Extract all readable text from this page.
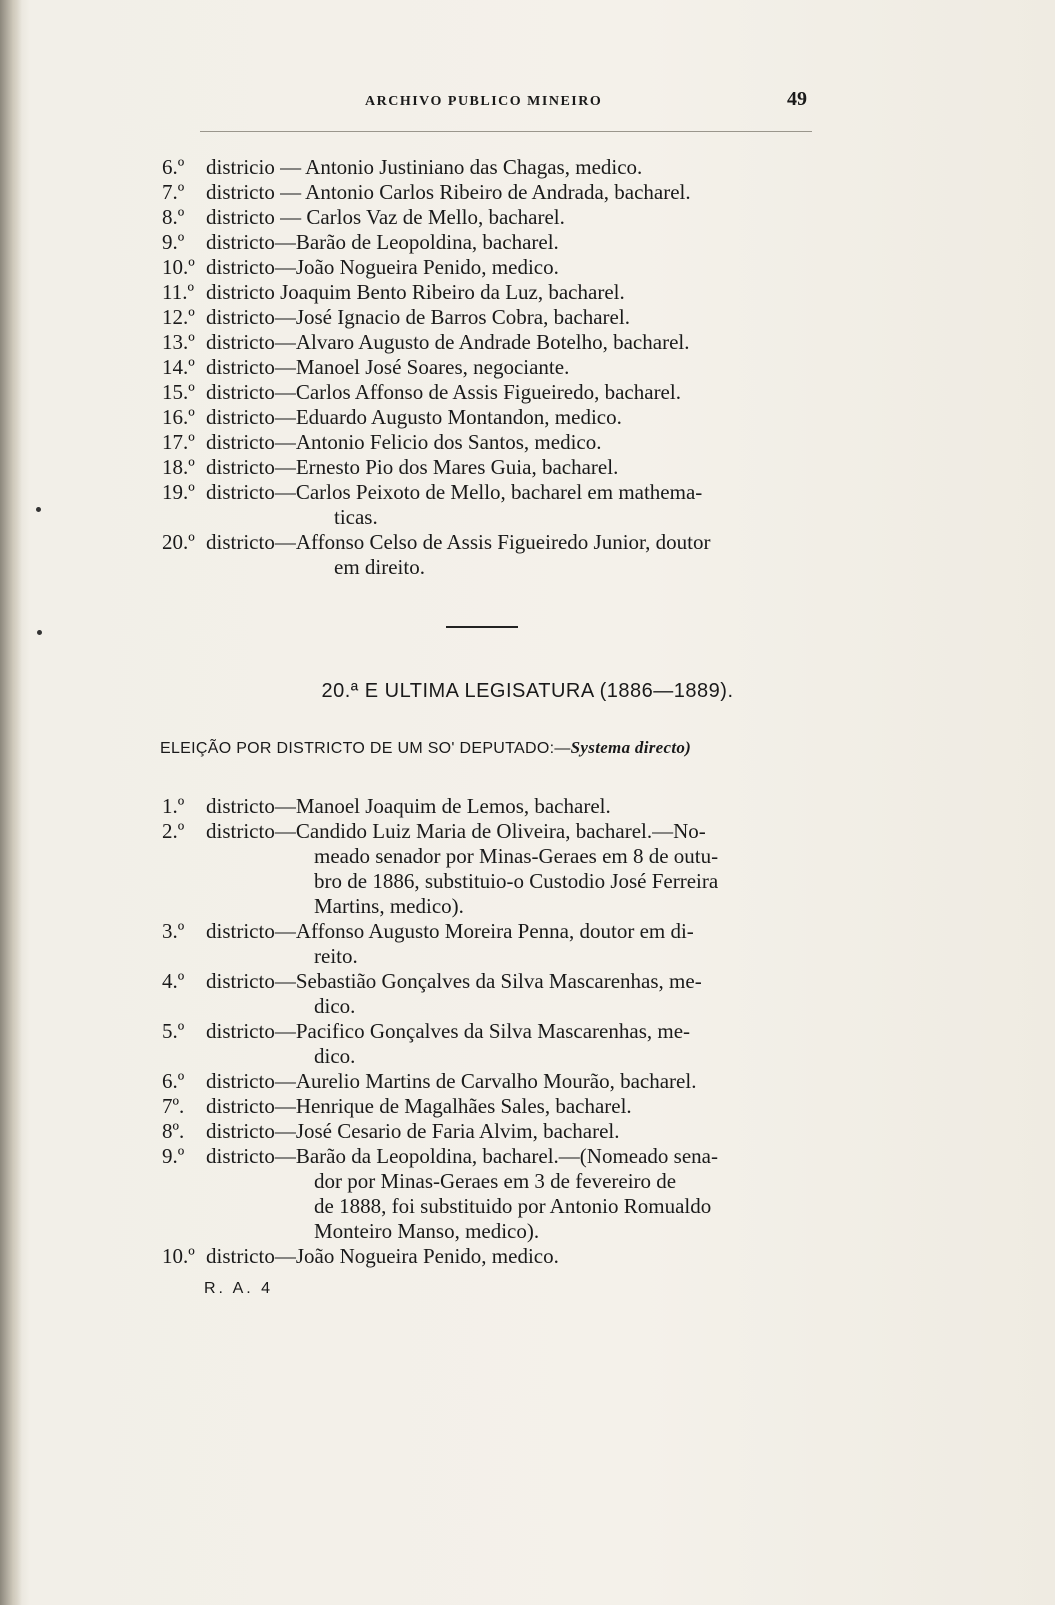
ARCHIVO PUBLICO MINEIRO	49
6.º	districio — Antonio Justiniano das Chagas, medico.
7.º	districto — Antonio Carlos Ribeiro de Andrada, bacharel.
8.º	districto — Carlos Vaz de Mello, bacharel.
9.º	districto—Barão de Leopoldina, bacharel.
10.º districto—João Nogueira Penido, medico.
11.º districto Joaquim Bento Ribeiro da Luz, bacharel.
12.º districto—José Ignacio de Barros Cobra, bacharel.
13.º districto—Alvaro Augusto de Andrade Botelho, bacharel.
14.º districto—Manoel José Soares, negociante.
15.º districto—Carlos Affonso de Assis Figueiredo, bacharel.
16.º districto—Eduardo Augusto Montandon, medico.
17.º districto—Antonio Felicio dos Santos, medico.
18.º districto—Ernesto Pio dos Mares Guia, bacharel.
19.º districto—Carlos Peixoto de Mello, bacharel em mathema-
ticas.
20.º districto—Affonso Celso de Assis Figueiredo Junior, doutor
em direito.
20.ª E ULTIMA LEGISATURA (1886—1889).
ELEIÇÃO POR DISTRICTO DE UM SO' DEPUTADO:—Systema directo)
1.º	districto—Manoel Joaquim de Lemos, bacharel.
2.º	districto—Candido Luiz Maria de Oliveira, bacharel.—No-
meado senador por Minas-Geraes em 8 de outu-
bro de 1886, substituio-o Custodio José Ferreira
Martins, medico).
3.º	districto—Affonso Augusto Moreira Penna, doutor em di-
reito.
4.º	districto—Sebastião Gonçalves da Silva Mascarenhas, me-
dico.
5.º	districto—Pacifico Gonçalves da Silva Mascarenhas, me-
dico.
6.º	districto—Aurelio Martins de Carvalho Mourão, bacharel.
7º.	districto—Henrique de Magalhães Sales, bacharel.
8º.	districto—José Cesario de Faria Alvim, bacharel.
9.º	districto—Barão da Leopoldina, bacharel.—(Nomeado sena-
dor por Minas-Geraes em 3 de fevereiro de
de 1888, foi substituido por Antonio Romualdo
Monteiro Manso, medico).
10.º districto—João Nogueira Penido, medico.
R. A. 4
